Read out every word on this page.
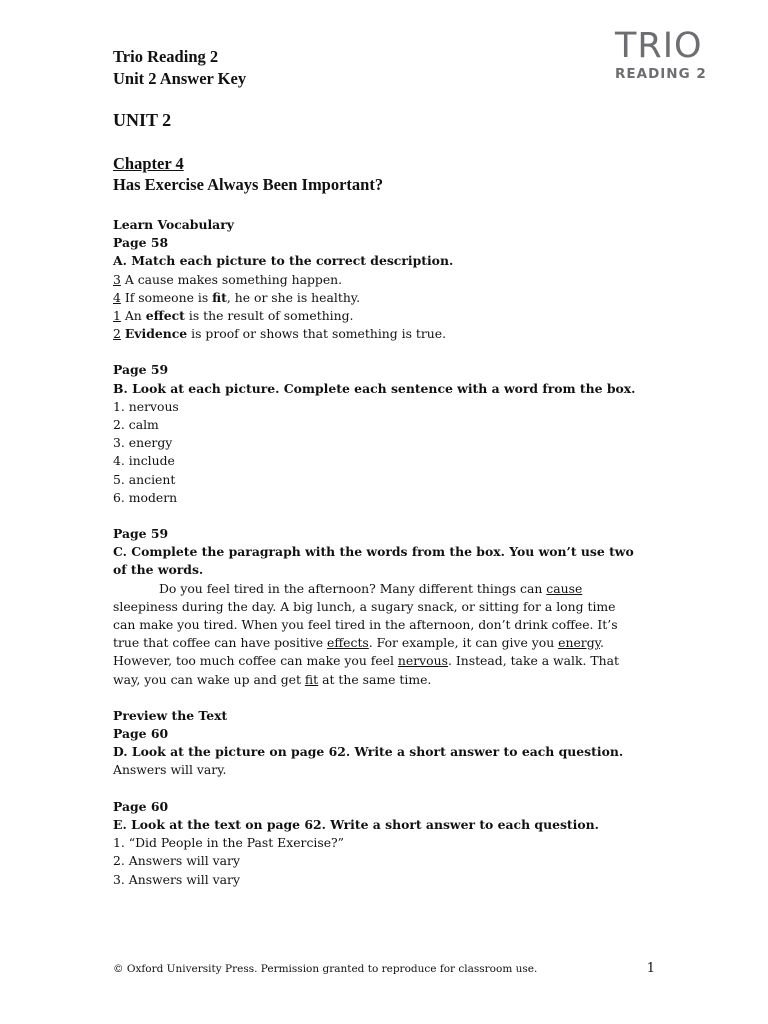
TRIO
READING 2
Trio Reading 2
Unit 2 Answer Key
UNIT 2
Chapter 4
Has Exercise Always Been Important?
Learn Vocabulary
Page 58
A. Match each picture to the correct description.
3 A cause makes something happen.
4 If someone is fit, he or she is healthy.
1 An effect is the result of something.
2 Evidence is proof or shows that something is true.
Page 59
B. Look at each picture. Complete each sentence with a word from the box.
1. nervous
2. calm
3. energy
4. include
5. ancient
6. modern
Page 59
C. Complete the paragraph with the words from the box. You won’t use two of the words.
Do you feel tired in the afternoon? Many different things can cause sleepiness during the day. A big lunch, a sugary snack, or sitting for a long time can make you tired. When you feel tired in the afternoon, don’t drink coffee. It’s true that coffee can have positive effects. For example, it can give you energy. However, too much coffee can make you feel nervous. Instead, take a walk. That way, you can wake up and get fit at the same time.
Preview the Text
Page 60
D. Look at the picture on page 62. Write a short answer to each question.
Answers will vary.
Page 60
E. Look at the text on page 62. Write a short answer to each question.
1. “Did People in the Past Exercise?”
2. Answers will vary
3. Answers will vary
© Oxford University Press. Permission granted to reproduce for classroom use.	1
